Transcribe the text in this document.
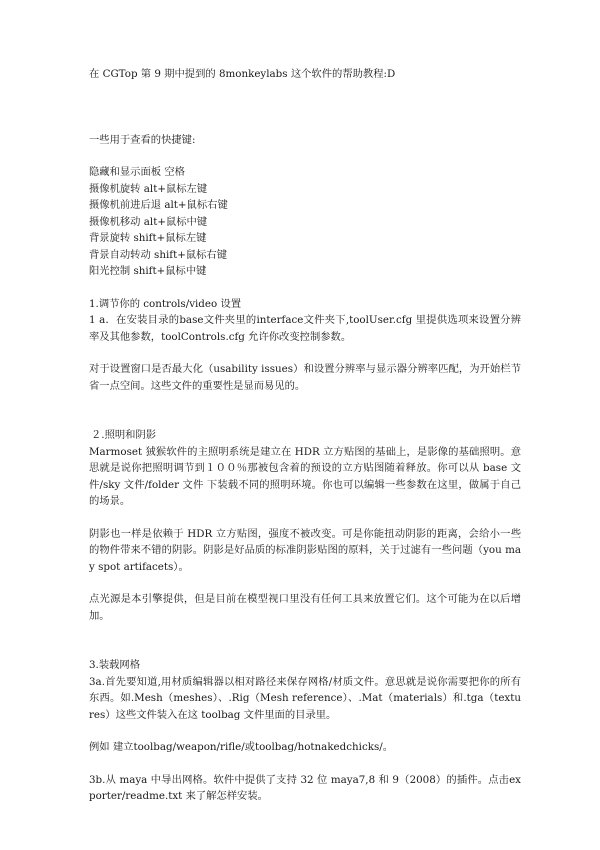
在 CGTop 第 9 期中提到的 8monkeylabs 这个软件的帮助教程:D
一些用于查看的快捷键:
隐藏和显示面板 空格
摄像机旋转 alt+鼠标左键
摄像机前进后退 alt+鼠标右键
摄像机移动 alt+鼠标中键
背景旋转 shift+鼠标左键
背景自动转动 shift+鼠标右键
阳光控制 shift+鼠标中键
1.调节你的 controls/video 设置
1 a．在安装目录的base文件夹里的interface文件夹下,toolUser.cfg 里提供选项来设置分辨率及其他参数，toolControls.cfg 允许你改变控制参数。
对于设置窗口是否最大化（usability issues）和设置分辨率与显示器分辨率匹配，为开始栏节省一点空间。这些文件的重要性是显而易见的。
２.照明和阴影
Marmoset 狨猴软件的主照明系统是建立在 HDR 立方贴图的基础上，是影像的基础照明。意思就是说你把照明调节到１００％那被包含着的预设的立方贴图随着释放。你可以从 base 文件/sky 文件/folder 文件 下装载不同的照明环境。你也可以编辑一些参数在这里，做属于自己的场景。
阴影也一样是依赖于 HDR 立方贴图，强度不被改变。可是你能扭动阴影的距离，会给小一些的物件带来不错的阴影。阴影是好品质的标准阴影贴图的原料，关于过滤有一些问题（you may spot artifacets）。
点光源是本引擎提供，但是目前在模型视口里没有任何工具来放置它们。这个可能为在以后增加。
3.装载网格
3a.首先要知道,用材质编辑器以相对路径来保存网格/材质文件。意思就是说你需要把你的所有东西。如.Mesh（meshes）、.Rig（Mesh reference）、.Mat（materials）和.tga（textures）这些文件装入在这 toolbag 文件里面的目录里。
例如 建立toolbag/weapon/rifle/或toolbag/hotnakedchicks/。
3b.从 maya 中导出网格。软件中提供了支持 32 位 maya7,8 和 9（2008）的插件。点击exporter/readme.txt 来了解怎样安装。
